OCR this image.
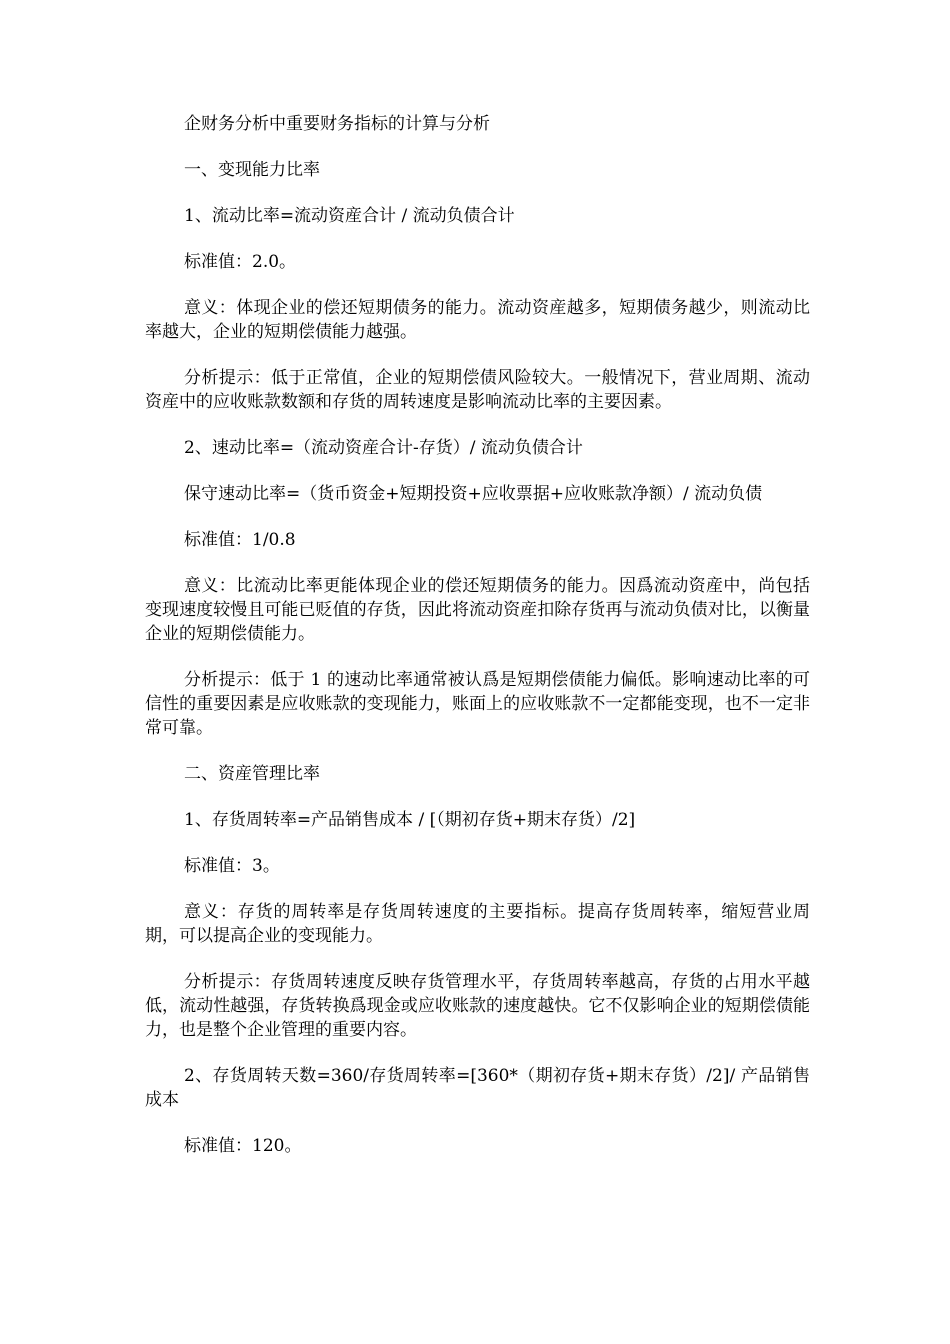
企财务分析中重要财务指标的计算与分析

一、变现能力比率

1、流动比率=流动资産合计 / 流动负债合计

标准值：2.0。

意义：体现企业的偿还短期债务的能力。流动资産越多，短期债务越少，则流动比率越大，企业的短期偿债能力越强。

分析提示：低于正常值，企业的短期偿债风险较大。一般情况下，营业周期、流动资産中的应收账款数额和存货的周转速度是影响流动比率的主要因素。

2、速动比率=（流动资産合计-存货）/ 流动负债合计

保守速动比率=（货币资金+短期投资+应收票据+应收账款净额）/ 流动负债

标准值：1/0.8

意义：比流动比率更能体现企业的偿还短期债务的能力。因爲流动资産中，尚包括变现速度较慢且可能已贬值的存货，因此将流动资産扣除存货再与流动负债对比，以衡量企业的短期偿债能力。

分析提示：低于 1 的速动比率通常被认爲是短期偿债能力偏低。影响速动比率的可信性的重要因素是应收账款的变现能力，账面上的应收账款不一定都能变现，也不一定非常可靠。

二、资産管理比率

1、存货周转率=产品销售成本 / [（期初存货+期末存货）/2]

标准值：3。

意义：存货的周转率是存货周转速度的主要指标。提高存货周转率，缩短营业周期，可以提高企业的变现能力。

分析提示：存货周转速度反映存货管理水平，存货周转率越高，存货的占用水平越低，流动性越强，存货转换爲现金或应收账款的速度越快。它不仅影响企业的短期偿债能力，也是整个企业管理的重要内容。

2、存货周转天数=360/存货周转率=[360*（期初存货+期末存货）/2]/ 产品销售成本

标准值：120。
